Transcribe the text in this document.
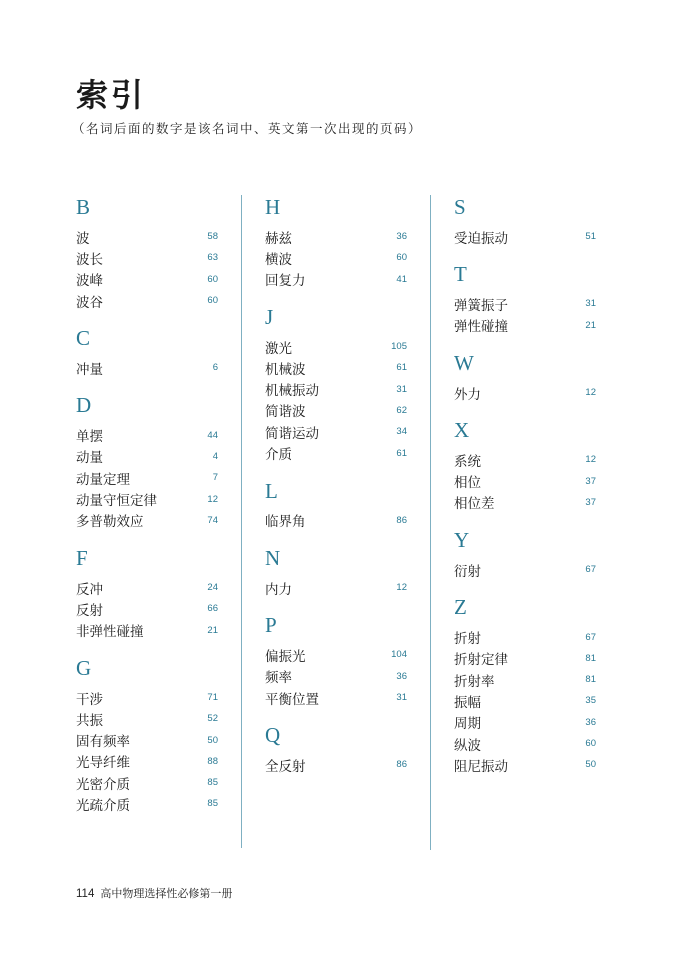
索引
（名词后面的数字是该名词中、英文第一次出现的页码）
B
波	58
波长	63
波峰	60
波谷	60
C
冲量	6
D
单摆	44
动量	4
动量定理	7
动量守恒定律	12
多普勒效应	74
F
反冲	24
反射	66
非弹性碰撞	21
G
干涉	71
共振	52
固有频率	50
光导纤维	88
光密介质	85
光疏介质	85
H
赫兹	36
横波	60
回复力	41
J
激光	105
机械波	61
机械振动	31
简谐波	62
简谐运动	34
介质	61
L
临界角	86
N
内力	12
P
偏振光	104
频率	36
平衡位置	31
Q
全反射	86
S
受迫振动	51
T
弹簧振子	31
弹性碰撞	21
W
外力	12
X
系统	12
相位	37
相位差	37
Y
衍射	67
Z
折射	67
折射定律	81
折射率	81
振幅	35
周期	36
纵波	60
阻尼振动	50
114 高中物理选择性必修第一册
